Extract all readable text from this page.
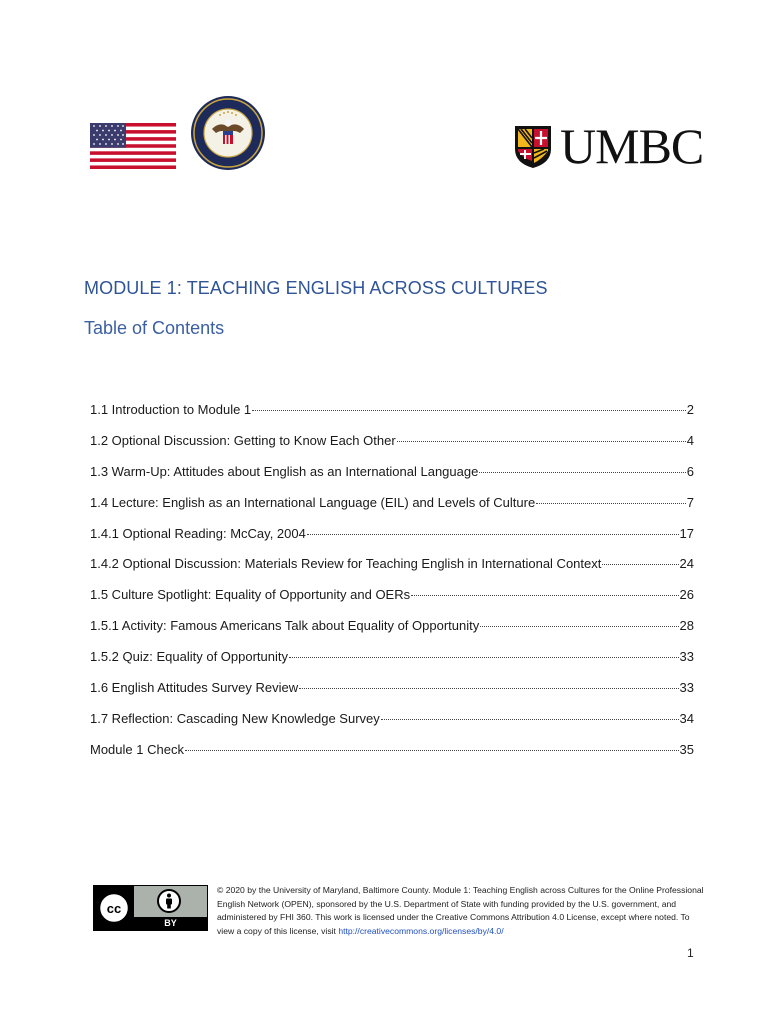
UMBC
MODULE 1: TEACHING ENGLISH ACROSS CULTURES
Table of Contents
1.1 Introduction to Module 1	2
1.2 Optional Discussion: Getting to Know Each Other	4
1.3 Warm-Up: Attitudes about English as an International Language	6
1.4 Lecture: English as an International Language (EIL) and Levels of Culture	7
1.4.1 Optional Reading: McCay, 2004	17
1.4.2 Optional Discussion: Materials Review for Teaching English in International Context	24
1.5 Culture Spotlight: Equality of Opportunity and OERs	26
1.5.1 Activity: Famous Americans Talk about Equality of Opportunity	28
1.5.2 Quiz: Equality of Opportunity	33
1.6 English Attitudes Survey Review	33
1.7 Reflection: Cascading New Knowledge Survey	34
Module 1 Check	35
cc
BY
© 2020 by the University of Maryland, Baltimore County. Module 1: Teaching English across Cultures for the Online Professional English Network (OPEN), sponsored by the U.S. Department of State with funding provided by the U.S. government, and administered by FHI 360. This work is licensed under the Creative Commons Attribution 4.0 License, except where noted. To view a copy of this license, visit http://creativecommons.org/licenses/by/4.0/
1
